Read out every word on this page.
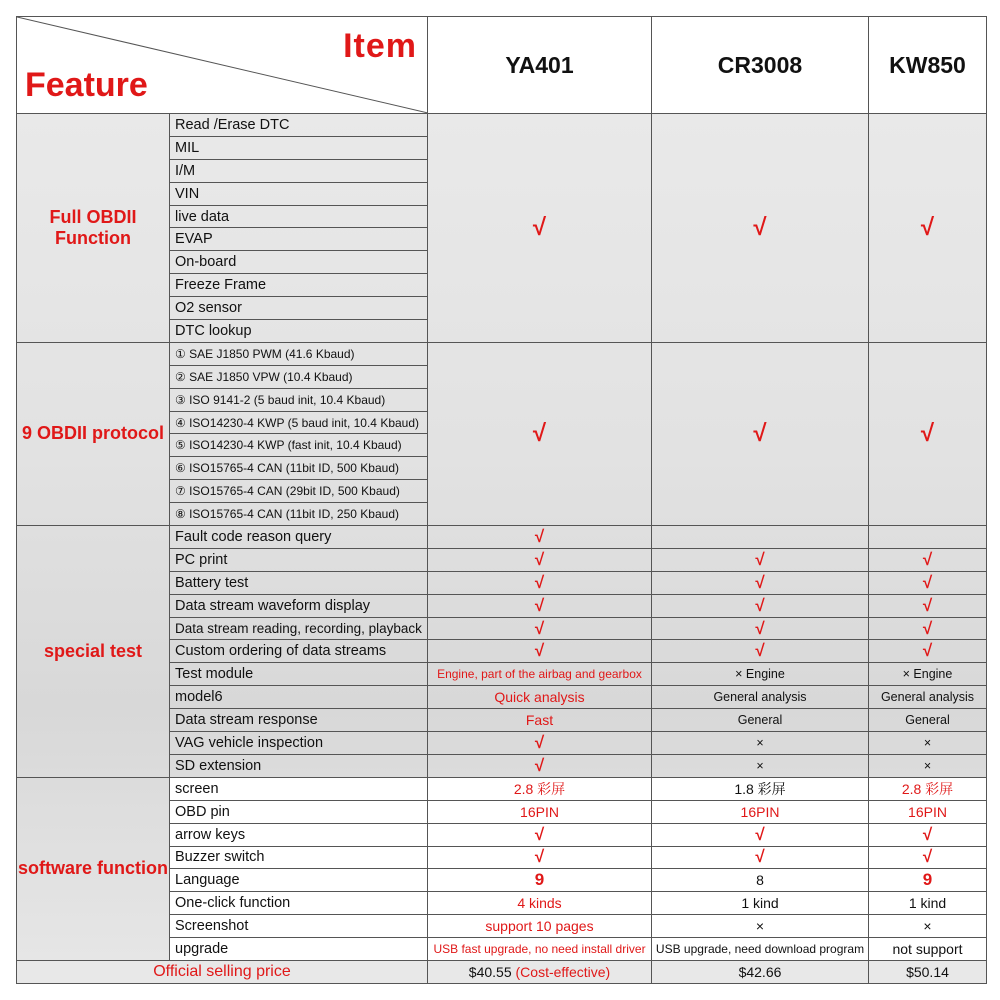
Item
Feature		YA401	CR3008	KW850
Full OBDII Function	Read /Erase DTC	√	√	√
	MIL			
	I/M			
	VIN			
	live data			
	EVAP			
	On-board			
	Freeze Frame			
	O2 sensor			
	DTC lookup			
9 OBDII protocol	① SAE J1850 PWM (41.6 Kbaud)	√	√	√
	② SAE J1850 VPW (10.4 Kbaud)			
	③ ISO 9141-2 (5 baud init, 10.4 Kbaud)			
	④ ISO14230-4 KWP (5 baud init, 10.4 Kbaud)			
	⑤ ISO14230-4 KWP (fast init, 10.4 Kbaud)			
	⑥ ISO15765-4 CAN (11bit ID, 500 Kbaud)			
	⑦ ISO15765-4 CAN (29bit ID, 500 Kbaud)			
	⑧ ISO15765-4 CAN (11bit ID, 250 Kbaud)			
special test	Fault code reason query	√		
	PC print	√	√	√
	Battery test	√	√	√
	Data stream waveform display	√	√	√
	Data stream reading, recording, playback	√	√	√
	Custom ordering of data streams	√	√	√
	Test module	Engine, part of the airbag and gearbox	× Engine	× Engine
	model6	Quick analysis	General analysis	General analysis
	Data stream response	Fast	General	General
	VAG vehicle inspection	√	×	×
	SD extension	√	×	×
software function	screen	2.8 彩屏	1.8 彩屏	2.8 彩屏
	OBD pin	16PIN	16PIN	16PIN
	arrow keys	√	√	√
	Buzzer switch	√	√	√
	Language	9	8	9
	One-click function	4 kinds	1 kind	1 kind
	Screenshot	support 10 pages	×	×
	upgrade	USB fast upgrade, no need install driver	USB upgrade, need download program	not support
Official selling price		$40.55 (Cost-effective)	$42.66	$50.14
